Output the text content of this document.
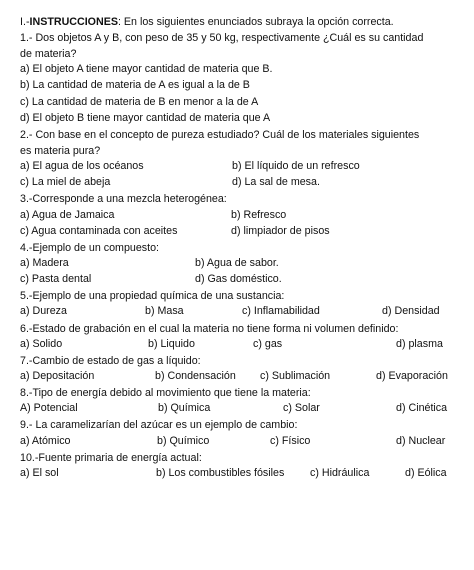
I.- INSTRUCCIONES : En los siguientes enunciados subraya la opción correcta.
1.- Dos objetos A y B, con peso de 35 y 50 kg, respectivamente ¿Cuál es su cantidad
de materia?
a) El objeto A tiene mayor cantidad de materia que B.
b) La cantidad de materia de A es igual a la de B
c) La cantidad de materia de B en menor a la de A
d) El objeto B tiene mayor cantidad de materia que A
2.- Con base en el concepto de pureza estudiado? Cuál de los materiales siguientes
es materia pura?
a) El agua de los océanos	b) El líquido de un refresco
c) La miel de abeja	d) La sal de mesa.
3.-Corresponde a una mezcla heterogénea:
a) Agua de Jamaica	b) Refresco
c) Agua contaminada con aceites	d) limpiador de pisos
4.-Ejemplo de un compuesto:
a) Madera	b) Agua de sabor.
c) Pasta dental	d) Gas doméstico.
5.-Ejemplo de una propiedad química de una sustancia:
a) Dureza	b) Masa	c) Inflamabilidad	d) Densidad
6.-Estado de grabación en el cual la materia no tiene forma ni volumen definido:
a) Solido	b) Liquido	c) gas	d) plasma
7.-Cambio de estado de gas a líquido:
a) Depositación	b) Condensación c) Sublimación	d) Evaporación
8.-Tipo de energía debido al movimiento que tiene la materia:
A) Potencial	b) Química	c) Solar	d) Cinética
9.- La caramelizarían del azúcar es un ejemplo de cambio:
a) Atómico	b) Químico	c) Físico	d) Nuclear
10.-Fuente primaria de energía actual:
a) El sol	b) Los combustibles fósiles c) Hidráulica	d) Eólica
